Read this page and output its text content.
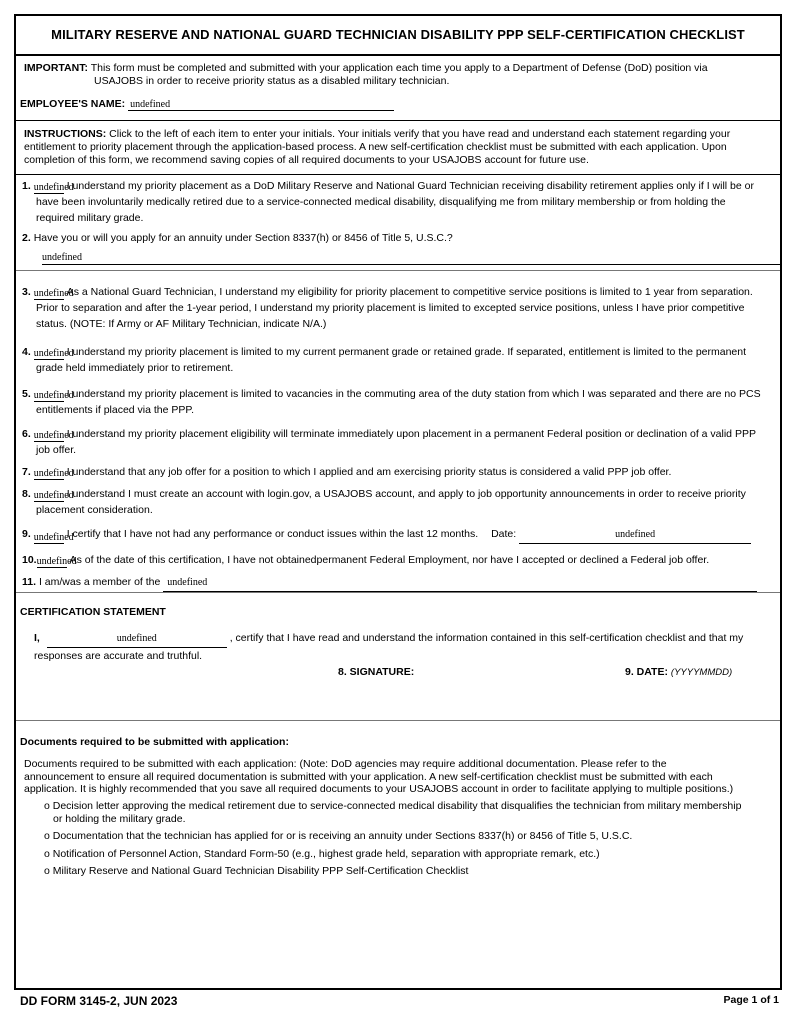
MILITARY RESERVE AND NATIONAL GUARD TECHNICIAN DISABILITY PPP SELF-CERTIFICATION CHECKLIST
IMPORTANT: This form must be completed and submitted with your application each time you apply to a Department of Defense (DoD) position via
USAJOBS in order to receive priority status as a disabled military technician.
EMPLOYEE'S NAME: undefined
INSTRUCTIONS: Click to the left of each item to enter your initials. Your initials verify that you have read and understand each statement regarding your
entitlement to priority placement through the application-based process. A new self-certification checklist must be submitted with each application. Upon
completion of this form, we recommend saving copies of all required documents to your USAJOBS account for future use.
1. undefinedI understand my priority placement as a DoD Military Reserve and National Guard Technician receiving disability retirement applies only if I will be or
have been involuntarily medically retired due to a service-connected medical disability, disqualifying me from military membership or from holding the
required military grade.
2. Have you or will you apply for an annuity under Section 8337(h) or 8456 of Title 5, U.S.C.?
undefined
3. undefinedAs a National Guard Technician, I understand my eligibility for priority placement to competitive service positions is limited to 1 year from separation.
Prior to separation and after the 1-year period, I understand my priority placement is limited to excepted service positions, unless I have prior competitive
status. (NOTE: If Army or AF Military Technician, indicate N/A.)
4. undefinedI understand my priority placement is limited to my current permanent grade or retained grade. If separated, entitlement is limited to the permanent
grade held immediately prior to retirement.
5. undefinedI understand my priority placement is limited to vacancies in the commuting area of the duty station from which I was separated and there are no PCS
entitlements if placed via the PPP.
6. undefinedI understand my priority placement eligibility will terminate immediately upon placement in a permanent Federal position or declination of a valid PPP
job offer.
7. undefinedI understand that any job offer for a position to which I applied and am exercising priority status is considered a valid PPP job offer.
8. undefinedI understand I must create an account with login.gov, a USAJOBS account, and apply to job opportunity announcements in order to receive priority
placement consideration.
9. undefinedI certify that I have not had any performance or conduct issues within the last 12 months. Date:	undefined
10.undefinedAs of the date of this certification, I have not obtainedpermanent Federal Employment, nor have I accepted or declined a Federal job offer.
11. I am/was a member of the undefined
CERTIFICATION STATEMENT
I,	undefined	, certify that I have read and understand the information contained in this self-certification checklist and that my
responses are accurate and truthful.
8. SIGNATURE:	9. DATE: (YYYYMMDD)
Documents required to be submitted with application:
Documents required to be submitted with each application: (Note: DoD agencies may require additional documentation. Please refer to the
announcement to ensure all required documentation is submitted with your application. A new self-certification checklist must be submitted with each
application. It is highly recommended that you save all required documents to your USAJOBS account in order to facilitate applying to multiple positions.)
o Decision letter approving the medical retirement due to service-connected medical disability that disqualifies the technician from military membership
or holding the military grade.
o Documentation that the technician has applied for or is receiving an annuity under Sections 8337(h) or 8456 of Title 5, U.S.C.
o Notification of Personnel Action, Standard Form-50 (e.g., highest grade held, separation with appropriate remark, etc.)
o Military Reserve and National Guard Technician Disability PPP Self-Certification Checklist
DD FORM 3145-2, JUN 2023	Page 1 of 1
